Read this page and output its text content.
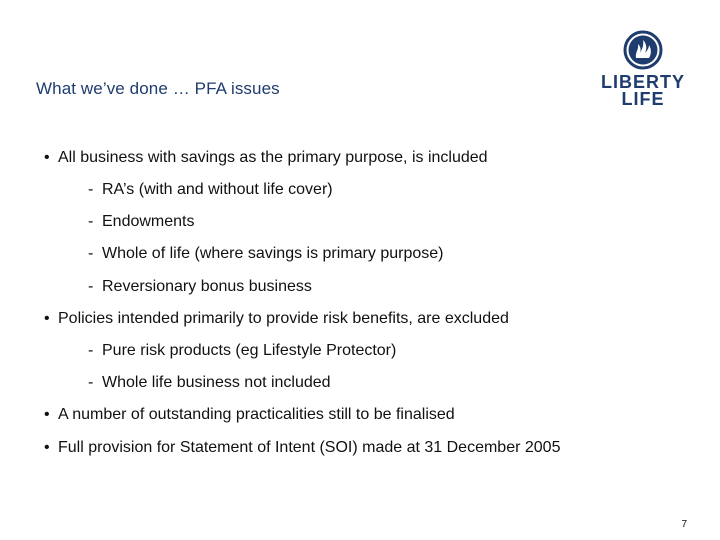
What we’ve done … PFA issues	LIBERTY
LIFE
• All business with savings as the primary purpose, is included
- RA’s (with and without life cover)
- Endowments
- Whole of life (where savings is primary purpose)
- Reversionary bonus business
• Policies intended primarily to provide risk benefits, are excluded
- Pure risk products (eg Lifestyle Protector)
- Whole life business not included
• A number of outstanding practicalities still to be finalised
• Full provision for Statement of Intent (SOI) made at 31 December 2005
7
